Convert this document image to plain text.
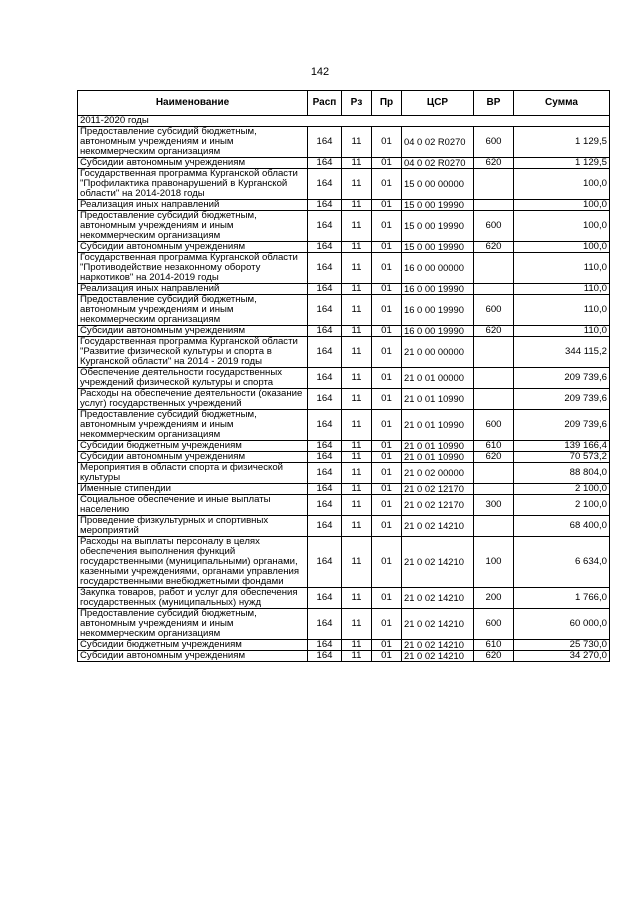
142
Наименование	Расп	Рз	Пр	ЦСР	ВР	Сумма
2011-2020 годы						
Предоставление субсидий бюджетным, автономным учреждениям и иным некоммерческим организациям	164	11	01	04 0 02 R0270	600	1 129,5
Субсидии автономным учреждениям	164	11	01	04 0 02 R0270	620	1 129,5
Государственная программа Курганской области "Профилактика правонарушений в Курганской области" на 2014-2018 годы	164	11	01	15 0 00 00000		100,0
Реализация иных направлений	164	11	01	15 0 00 19990		100,0
Предоставление субсидий бюджетным, автономным учреждениям и иным некоммерческим организациям	164	11	01	15 0 00 19990	600	100,0
Субсидии автономным учреждениям	164	11	01	15 0 00 19990	620	100,0
Государственная программа Курганской области "Противодействие незаконному обороту наркотиков" на 2014-2019 годы	164	11	01	16 0 00 00000		110,0
Реализация иных направлений	164	11	01	16 0 00 19990		110,0
Предоставление субсидий бюджетным, автономным учреждениям и иным некоммерческим организациям	164	11	01	16 0 00 19990	600	110,0
Субсидии автономным учреждениям	164	11	01	16 0 00 19990	620	110,0
Государственная программа Курганской области "Развитие физической культуры и спорта в Курганской области" на 2014 - 2019 годы	164	11	01	21 0 00 00000		344 115,2
Обеспечение деятельности государственных учреждений физической культуры и спорта	164	11	01	21 0 01 00000		209 739,6
Расходы на обеспечение деятельности (оказание услуг) государственных учреждений	164	11	01	21 0 01 10990		209 739,6
Предоставление субсидий бюджетным, автономным учреждениям и иным некоммерческим организациям	164	11	01	21 0 01 10990	600	209 739,6
Субсидии бюджетным учреждениям	164	11	01	21 0 01 10990	610	139 166,4
Субсидии автономным учреждениям	164	11	01	21 0 01 10990	620	70 573,2
Мероприятия в области спорта и физической культуры	164	11	01	21 0 02 00000		88 804,0
Именные стипендии	164	11	01	21 0 02 12170		2 100,0
Социальное обеспечение и иные выплаты населению	164	11	01	21 0 02 12170	300	2 100,0
Проведение физкультурных и спортивных мероприятий	164	11	01	21 0 02 14210		68 400,0
Расходы на выплаты персоналу в целях обеспечения выполнения функций государственными (муниципальными) органами, казенными учреждениями, органами управления государственными внебюджетными фондами	164	11	01	21 0 02 14210	100	6 634,0
Закупка товаров, работ и услуг для обеспечения государственных (муниципальных) нужд	164	11	01	21 0 02 14210	200	1 766,0
Предоставление субсидий бюджетным, автономным учреждениям и иным некоммерческим организациям	164	11	01	21 0 02 14210	600	60 000,0
Субсидии бюджетным учреждениям	164	11	01	21 0 02 14210	610	25 730,0
Субсидии автономным учреждениям	164	11	01	21 0 02 14210	620	34 270,0
